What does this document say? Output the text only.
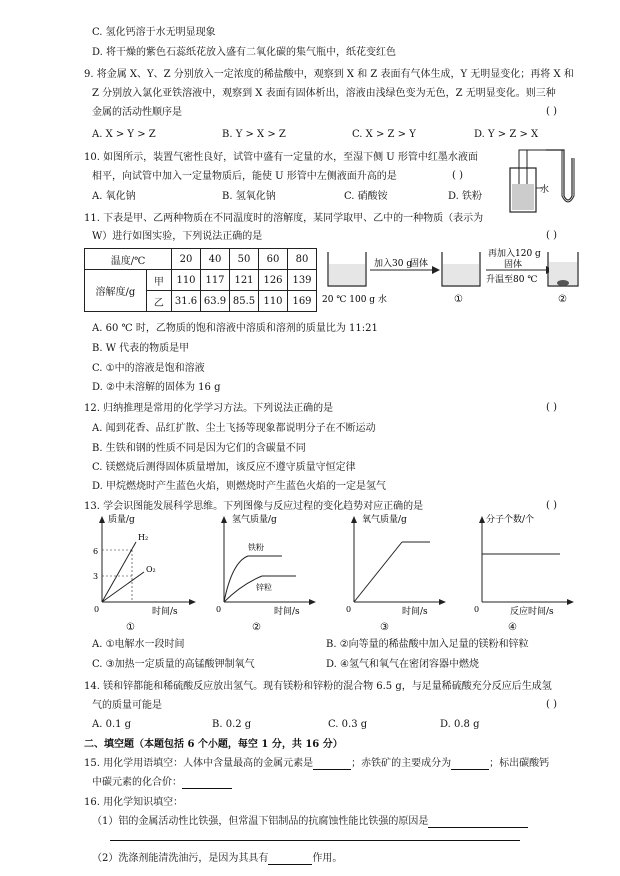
C. 氢化钙溶于水无明显现象
D. 将干燥的紫色石蕊纸花放入盛有二氧化碳的集气瓶中，纸花变红色
9. 将金属 X、Y、Z 分别放入一定浓度的稀盐酸中，观察到 X 和 Z 表面有气体生成，Y 无明显变化；再将 X 和
Z 分别放入氯化亚铁溶液中，观察到 X 表面有固体析出，溶液由浅绿色变为无色，Z 无明显变化。则三种
金属的活动性顺序是	( )
A. X > Y > Z	B. Y > X > Z	C. X > Z > Y	D. Y > Z > X
10. 如图所示，装置气密性良好，试管中盛有一定量的水，至湿下侧 U 形管中红墨水液面
相平，向试管中加入一定量物质后，能使 U 形管中左侧液面升高的是	( )
A. 氧化钠	B. 氢氧化钠	C. 硝酸铵	D. 铁粉
水
11. 下表是甲、乙两种物质在不同温度时的溶解度，某同学取甲、乙中的一种物质（表示为
W）进行如图实验，下列说法正确的是	( )
温度/℃		20	40	50	60	80
溶解度/g	甲	110	117	121	126	139
	乙	31.6	63.9	85.5	110	169
加入30 g
固体
再加入120 g
固体
升温至80 ℃
20 ℃ 100 g 水	①	②
A. 60 ℃ 时，乙物质的饱和溶液中溶质和溶剂的质量比为 11:21
B. W 代表的物质是甲
C. ①中的溶液是饱和溶液
D. ②中未溶解的固体为 16 g
12. 归纳推理是常用的化学学习方法。下列说法正确的是	( )
A. 闻到花香、品红扩散、尘土飞扬等现象都说明分子在不断运动
B. 生铁和钢的性质不同是因为它们的含碳量不同
C. 镁燃烧后测得固体质量增加，该反应不遵守质量守恒定律
D. 甲烷燃烧时产生蓝色火焰，则燃烧时产生蓝色火焰的一定是氢气
13. 学会识图能发展科学思维。下列图像与反应过程的变化趋势对应正确的是	( )
质量/g
时间/s
H₂
O₂
6
3
0
①
氢气质量/g
时间/s
铁粉
锌粒
0
②
氧气质量/g
时间/s
0
③
分子个数/个
反应时间/s
0
④
A. ①电解水一段时间	B. ②向等量的稀盐酸中加入足量的镁粉和锌粒
C. ③加热一定质量的高锰酸钾制氧气	D. ④氢气和氧气在密闭容器中燃烧
14. 镁和锌都能和稀硫酸反应放出氢气。现有镁粉和锌粉的混合物 6.5 g，与足量稀硫酸充分反应后生成氢
气的质量可能是	( )
A. 0.1 g	B. 0.2 g	C. 0.3 g	D. 0.8 g
二、填空题（本题包括 6 个小题，每空 1 分，共 16 分）
15. 用化学用语填空：人体中含量最高的金属元素是	；赤铁矿的主要成分为	；标出碳酸钙
中碳元素的化合价：
16. 用化学知识填空：
（1）铝的金属活动性比铁强，但常温下铝制品的抗腐蚀性能比铁强的原因是
（2）洗涤剂能清洗油污，是因为其具有	作用。
